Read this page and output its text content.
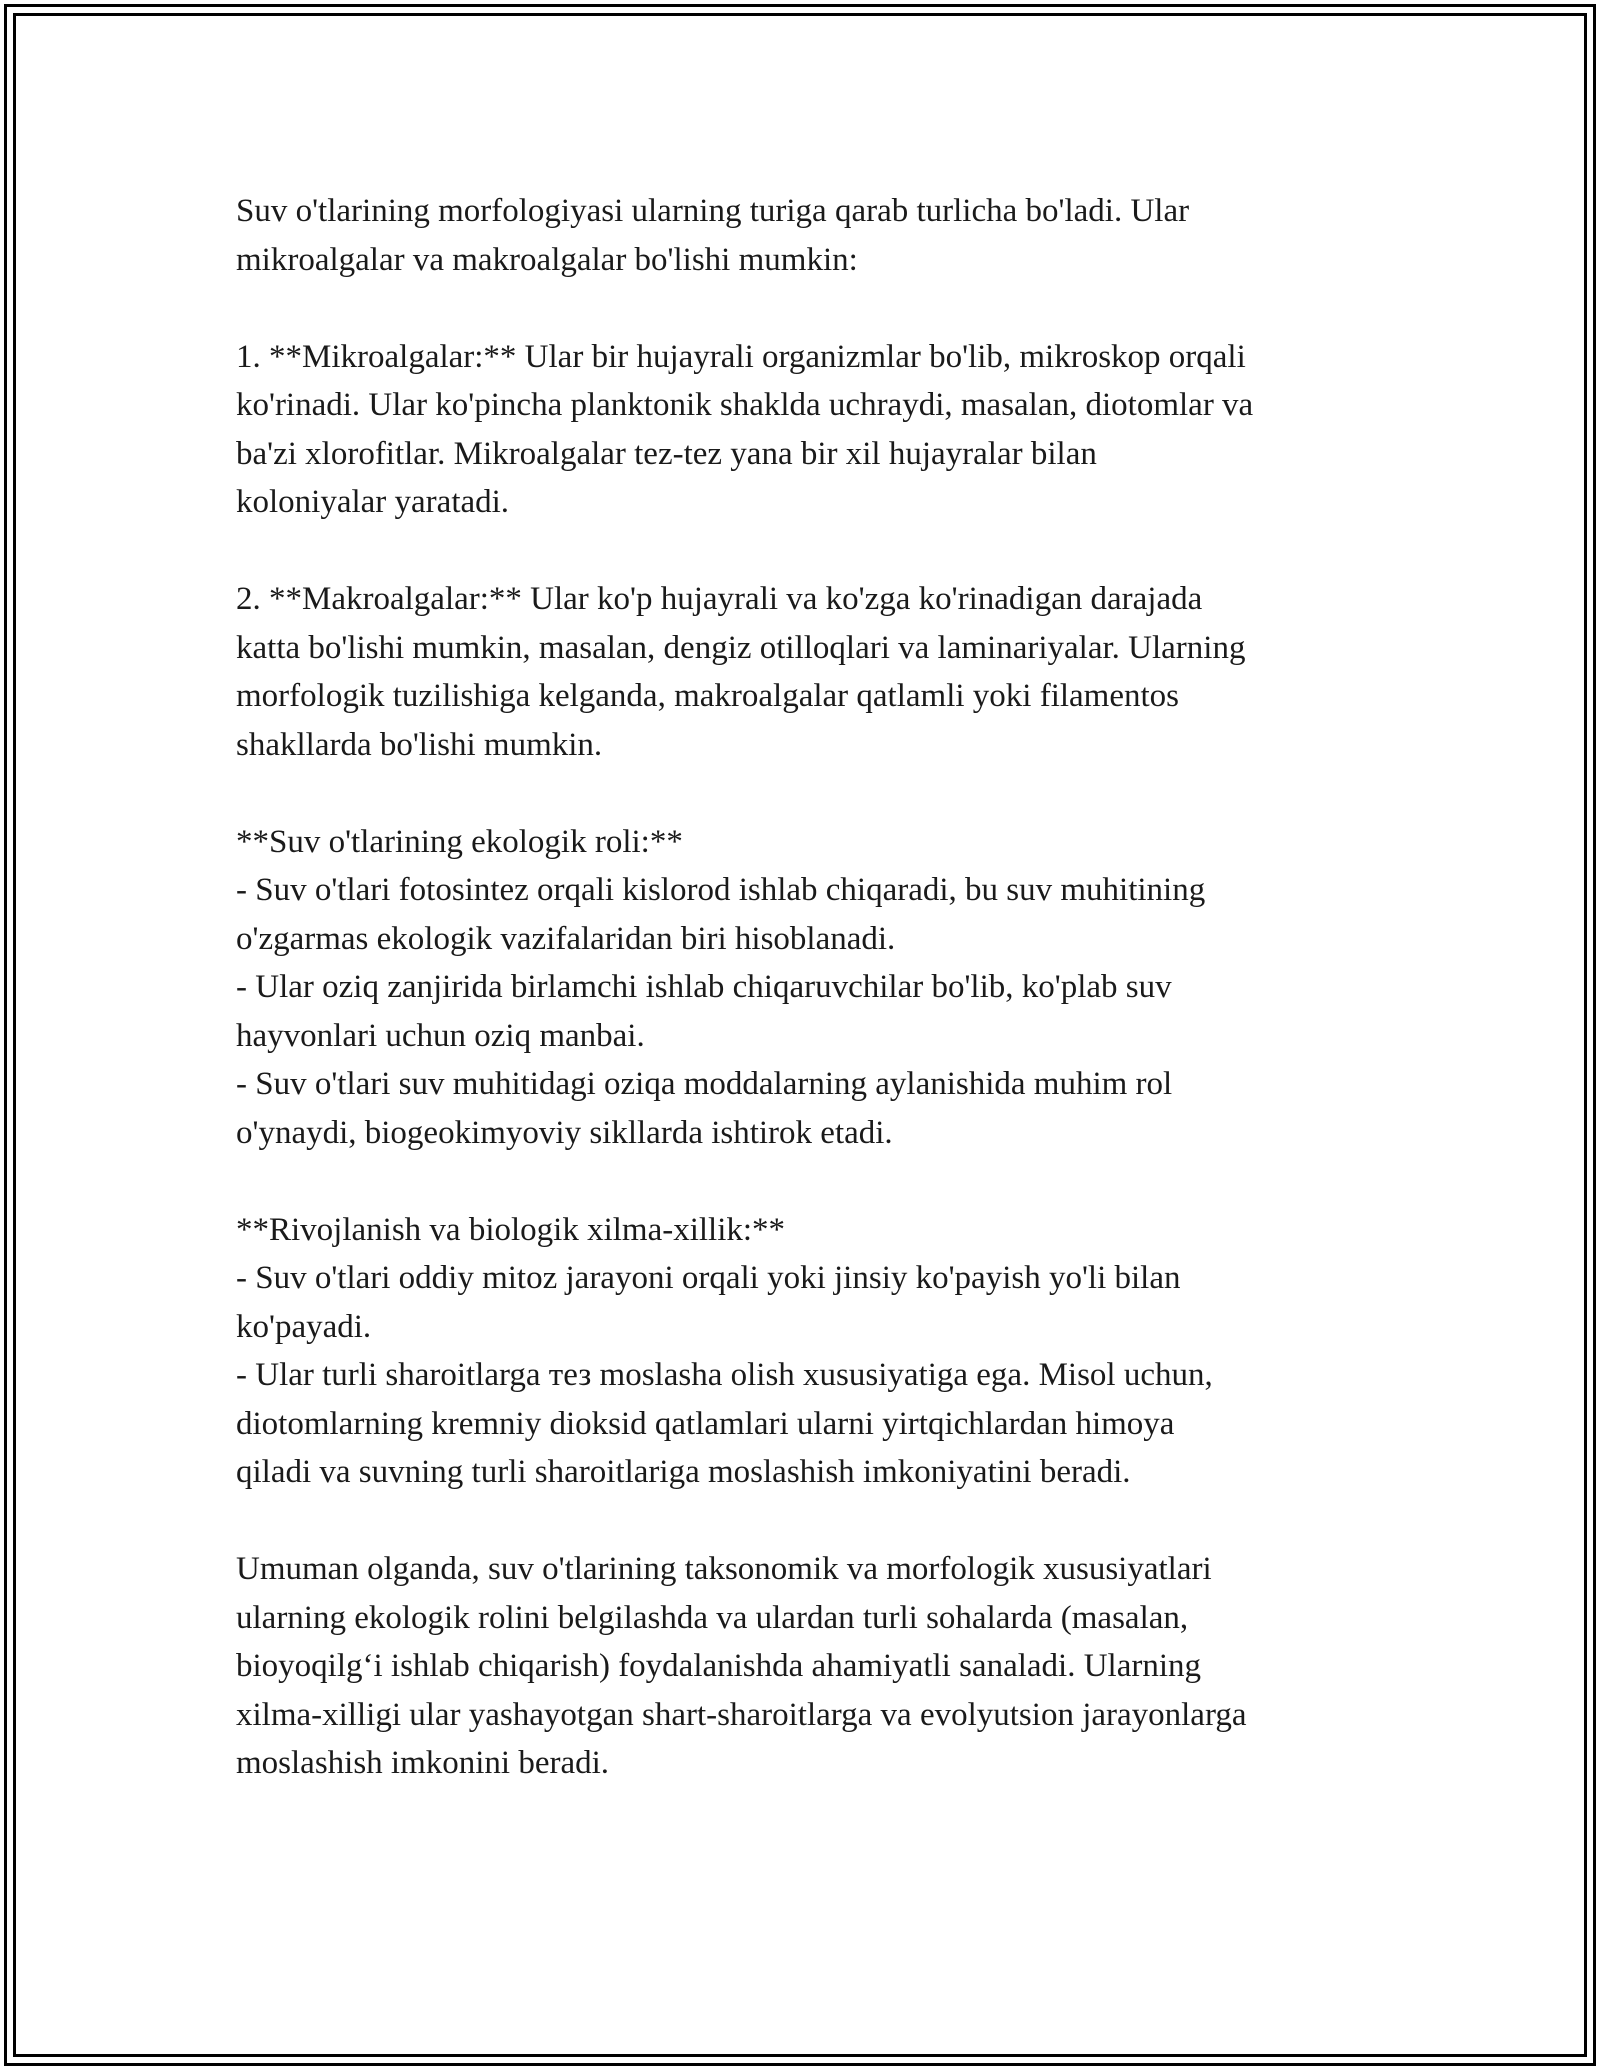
Suv o'tlarining morfologiyasi ularning turiga qarab turlicha bo'ladi. Ular
mikroalgalar va makroalgalar bo'lishi mumkin:
1. **Mikroalgalar:** Ular bir hujayrali organizmlar bo'lib, mikroskop orqali
ko'rinadi. Ular ko'pincha planktonik shaklda uchraydi, masalan, diotomlar va
ba'zi xlorofitlar. Mikroalgalar tez-tez yana bir xil hujayralar bilan
koloniyalar yaratadi.
2. **Makroalgalar:** Ular ko'p hujayrali va ko'zga ko'rinadigan darajada
katta bo'lishi mumkin, masalan, dengiz otilloqlari va laminariyalar. Ularning
morfologik tuzilishiga kelganda, makroalgalar qatlamli yoki filamentos
shakllarda bo'lishi mumkin.
**Suv o'tlarining ekologik roli:**
- Suv o'tlari fotosintez orqali kislorod ishlab chiqaradi, bu suv muhitining
o'zgarmas ekologik vazifalaridan biri hisoblanadi.
- Ular oziq zanjirida birlamchi ishlab chiqaruvchilar bo'lib, ko'plab suv
hayvonlari uchun oziq manbai.
- Suv o'tlari suv muhitidagi oziqa moddalarning aylanishida muhim rol
o'ynaydi, biogeokimyoviy sikllarda ishtirok etadi.
**Rivojlanish va biologik xilma-xillik:**
- Suv o'tlari oddiy mitoz jarayoni orqali yoki jinsiy ko'payish yo'li bilan
ko'payadi.
- Ular turli sharoitlarga тез moslasha olish xususiyatiga ega. Misol uchun,
diotomlarning kremniy dioksid qatlamlari ularni yirtqichlardan himoya
qiladi va suvning turli sharoitlariga moslashish imkoniyatini beradi.
Umuman olganda, suv o'tlarining taksonomik va morfologik xususiyatlari
ularning ekologik rolini belgilashda va ulardan turli sohalarda (masalan,
bioyoqilg‘i ishlab chiqarish) foydalanishda ahamiyatli sanaladi. Ularning
xilma-xilligi ular yashayotgan shart-sharoitlarga va evolyutsion jarayonlarga
moslashish imkonini beradi.
